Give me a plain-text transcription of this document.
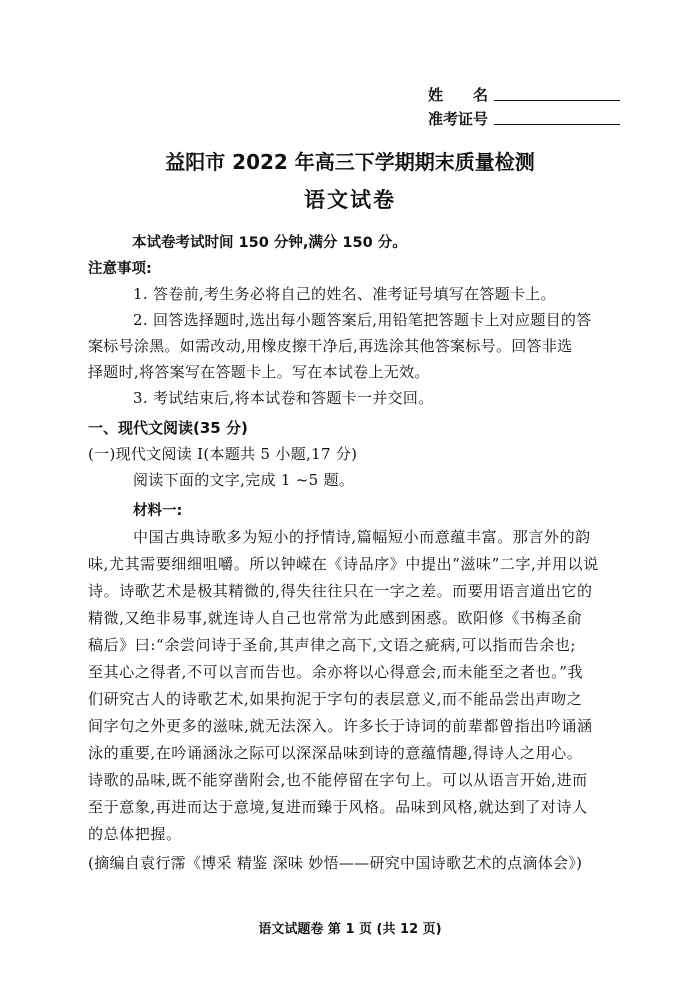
姓　　名
准考证号
益阳市 2022 年高三下学期期末质量检测
语文试卷
本试卷考试时间 150 分钟,满分 150 分。
注意事项:
1. 答卷前,考生务必将自己的姓名、准考证号填写在答题卡上。
2. 回答选择题时,选出每小题答案后,用铅笔把答题卡上对应题目的答
案标号涂黑。如需改动,用橡皮擦干净后,再选涂其他答案标号。回答非选
择题时,将答案写在答题卡上。写在本试卷上无效。
3. 考试结束后,将本试卷和答题卡一并交回。
一、现代文阅读(35 分)
(一)现代文阅读 I(本题共 5 小题,17 分)
阅读下面的文字,完成 1 ~5 题。
材料一:
中国古典诗歌多为短小的抒情诗,篇幅短小而意蕴丰富。那言外的韵
味,尤其需要细细咀嚼。所以钟嵘在《诗品序》中提出“滋味”二字,并用以说
诗。诗歌艺术是极其精微的,得失往往只在一字之差。而要用语言道出它的
精微,又绝非易事,就连诗人自己也常常为此感到困惑。欧阳修《书梅圣俞
稿后》曰:“余尝问诗于圣俞,其声律之高下,文语之疵病,可以指而告余也;
至其心之得者,不可以言而告也。余亦将以心得意会,而未能至之者也。”我
们研究古人的诗歌艺术,如果拘泥于字句的表层意义,而不能品尝出声吻之
间字句之外更多的滋味,就无法深入。许多长于诗词的前辈都曾指出吟诵涵
泳的重要,在吟诵涵泳之际可以深深品味到诗的意蕴情趣,得诗人之用心。
诗歌的品味,既不能穿凿附会,也不能停留在字句上。可以从语言开始,进而
至于意象,再进而达于意境,复进而臻于风格。品味到风格,就达到了对诗人
的总体把握。
(摘编自袁行霈《博采 精鉴 深味 妙悟——研究中国诗歌艺术的点滴体会》)
语文试题卷 第 1 页 (共 12 页)
